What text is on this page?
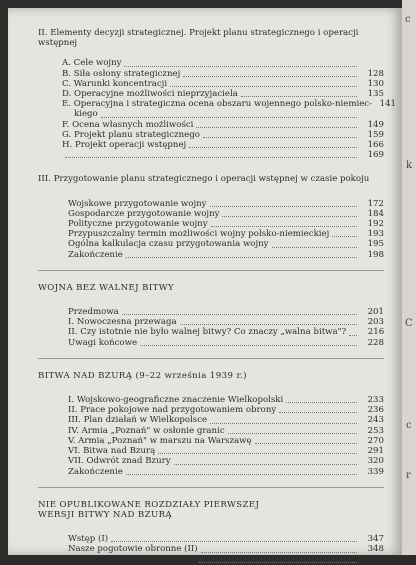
II. Elementy decyzji strategicznej. Projekt planu strategicznego i operacji wstępnej
A. Cele wojny
B. Siła osłony strategicznej	128
C. Warunki koncentracji	130
D. Operacyjne możliwości nieprzyjaciela	135
E. Operacyjna i strategiczna ocena obszaru wojennego polsko-niemiec- 141
kiego
F. Ocena własnych możliwości	149
G. Projekt planu strategicznego	159
H. Projekt operacji wstępnej	166
169
III. Przygotowanie planu strategicznego i operacji wstępnej w czasie pokoju
Wojskowe przygotowanie wojny	172
Gospodarcze przygotowanie wojny	184
Polityczne przygotowanie wojny	192
Przypuszczalny termin możliwości wojny polsko-niemieckiej	193
Ogólna kalkulacja czasu przygotowania wojny	195
Zakończenie	198
WOJNA BEZ WALNEJ BITWY
Przedmowa	201
I. Nowoczesna przewaga	203
II. Czy istotnie nie było walnej bitwy? Co znaczy „walna bitwa"?	216
Uwagi końcowe	228
BITWA NAD BZURĄ (9–22 września 1939 r.)
I. Wojskowo-geograficzne znaczenie Wielkopolski	233
II. Prace pokojowe nad przygotowaniem obrony	236
III. Plan działań w Wielkopolsce	243
IV. Armia „Poznań" w osłonie granic	253
V. Armia „Poznań" w marszu na Warszawę	270
VI. Bitwa nad Bzurą	291
VII. Odwrót znad Bzury	320
Zakończenie	339
NIE OPUBLIKOWANE ROZDZIAŁY PIERWSZEJ WERSJI BITWY NAD BZURĄ
Wstęp (I)	347
Nasze pogotowie obronne (II)	348
Plan osłony Wielkopolski (III)	352
c
k
C
c
r
